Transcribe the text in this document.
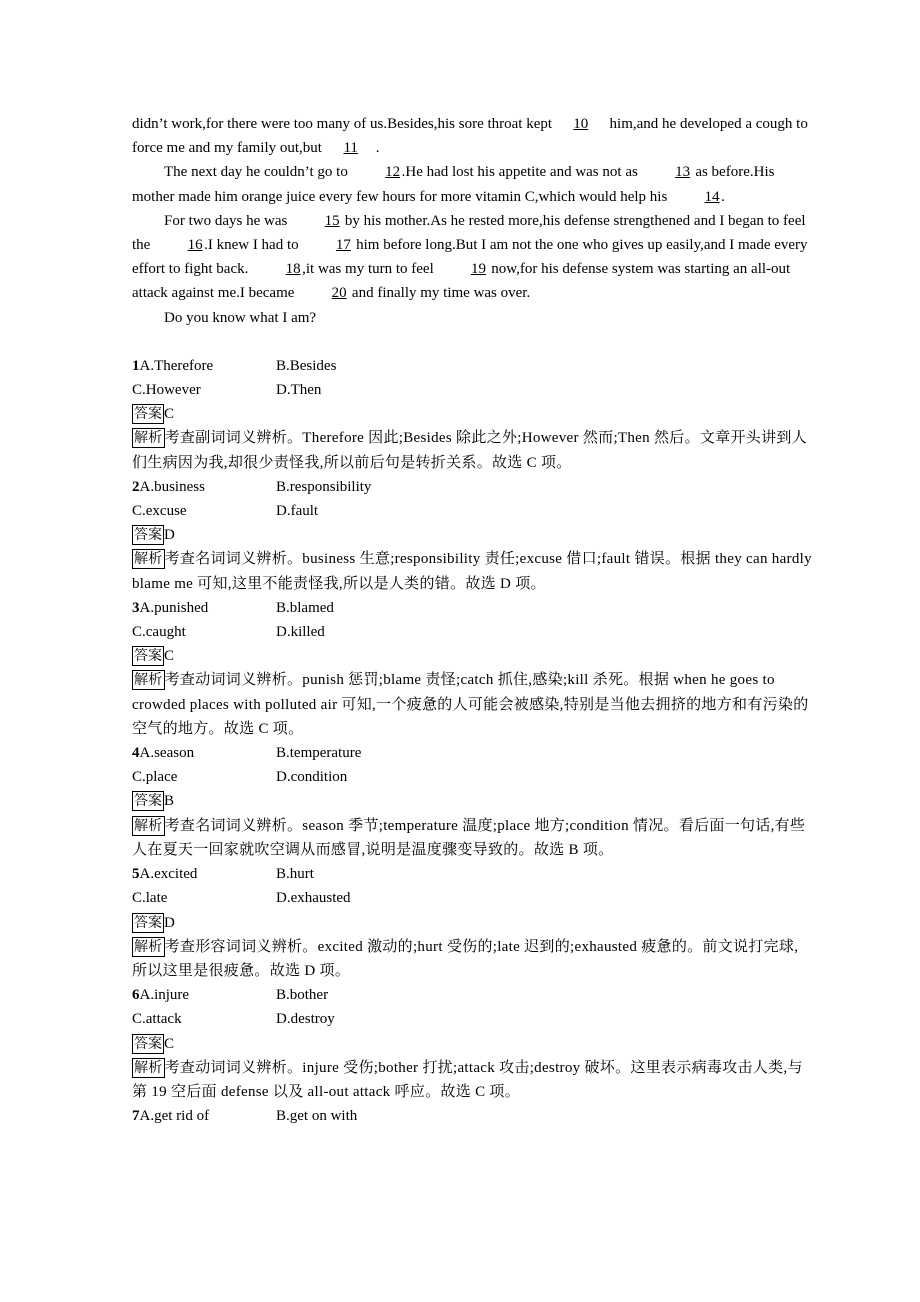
didn’t work,for there were too many of us.Besides,his sore throat kept 10 him,and he developed a cough to force me and my family out,but 11 .

The next day he couldn’t go to 12 .He had lost his appetite and was not as 13 as before.His mother made him orange juice every few hours for more vitamin C,which would help his 14 .

For two days he was 15 by his mother.As he rested more,his defense strengthened and I began to feel the 16 .I knew I had to 17 him before long.But I am not the one who gives up easily,and I made every effort to fight back. 18 ,it was my turn to feel 19 now,for his defense system was starting an all-out attack against me.I became 20 and finally my time was over.

Do you know what I am?

1A.Therefore	B.Besides
C.However	D.Then

答案 C

解析 考查副词词义辨析。Therefore 因此;Besides 除此之外;However 然而;Then 然后。文章开头讲到人们生病因为我,却很少责怪我,所以前后句是转折关系。故选 C 项。

2A.business	B.responsibility
C.excuse	D.fault

答案 D

解析 考查名词词义辨析。business 生意;responsibility 责任;excuse 借口;fault 错误。根据 they can hardly blame me 可知,这里不能责怪我,所以是人类的错。故选 D 项。

3A.punished	B.blamed
C.caught	D.killed

答案 C

解析 考查动词词义辨析。punish 惩罚;blame 责怪;catch 抓住,感染;kill 杀死。根据 when he goes to crowded places with polluted air 可知,一个疲惫的人可能会被感染,特别是当他去拥挤的地方和有污染的空气的地方。故选 C 项。

4A.season	B.temperature
C.place	D.condition

答案 B

解析 考查名词词义辨析。season 季节;temperature 温度;place 地方;condition 情况。看后面一句话,有些人在夏天一回家就吹空调从而感冒,说明是温度骤变导致的。故选 B 项。

5A.excited	B.hurt
C.late	D.exhausted

答案 D

解析 考查形容词词义辨析。excited 激动的;hurt 受伤的;late 迟到的;exhausted 疲惫的。前文说打完球,所以这里是很疲惫。故选 D 项。

6A.injure	B.bother
C.attack	D.destroy

答案 C

解析 考查动词词义辨析。injure 受伤;bother 打扰;attack 攻击;destroy 破坏。这里表示病毒攻击人类,与第 19 空后面 defense 以及 all-out attack 呼应。故选 C 项。

7A.get rid of	B.get on with
